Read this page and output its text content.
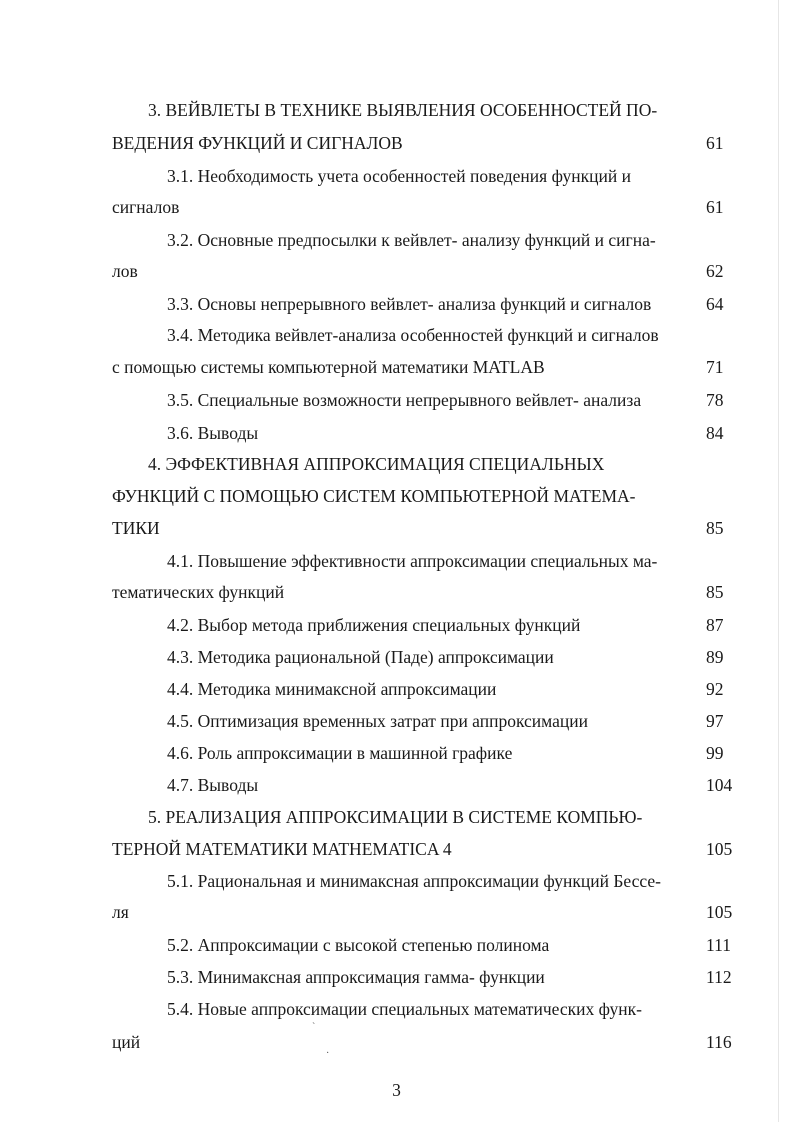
3. ВЕЙВЛЕТЫ В ТЕХНИКЕ ВЫЯВЛЕНИЯ ОСОБЕННОСТЕЙ ПО-
ВЕДЕНИЯ ФУНКЦИЙ И СИГНАЛОВ	61
3.1. Необходимость учета особенностей поведения функций и
сигналов	61
3.2. Основные предпосылки к вейвлет- анализу функций и сигна-
лов	62
3.3. Основы непрерывного вейвлет- анализа функций и сигналов	64
3.4. Методика вейвлет-анализа особенностей функций и сигналов
с помощью системы компьютерной математики MATLAB	71
3.5. Специальные возможности непрерывного вейвлет- анализа	78
3.6. Выводы	84
4. ЭФФЕКТИВНАЯ АППРОКСИМАЦИЯ СПЕЦИАЛЬНЫХ
ФУНКЦИЙ С ПОМОЩЬЮ СИСТЕМ КОМПЬЮТЕРНОЙ МАТЕМА-
ТИКИ	85
4.1. Повышение эффективности аппроксимации специальных ма-
тематических функций	85
4.2. Выбор метода приближения специальных функций	87
4.3. Методика рациональной (Паде) аппроксимации	89
4.4. Методика минимаксной аппроксимации	92
4.5. Оптимизация временных затрат при аппроксимации	97
4.6. Роль аппроксимации в машинной графике	99
4.7. Выводы	104
5. РЕАЛИЗАЦИЯ АППРОКСИМАЦИИ В СИСТЕМЕ КОМПЬЮ-
ТЕРНОЙ МАТЕМАТИКИ MATHEMATICA 4	105
5.1. Рациональная и минимаксная аппроксимации функций Бессе-
ля	105
5.2. Аппроксимации с высокой степенью полинома	111
5.3. Минимаксная аппроксимация гамма- функции	112
5.4. Новые аппроксимации специальных математических функ-
ций	116
ˋ
·
3
